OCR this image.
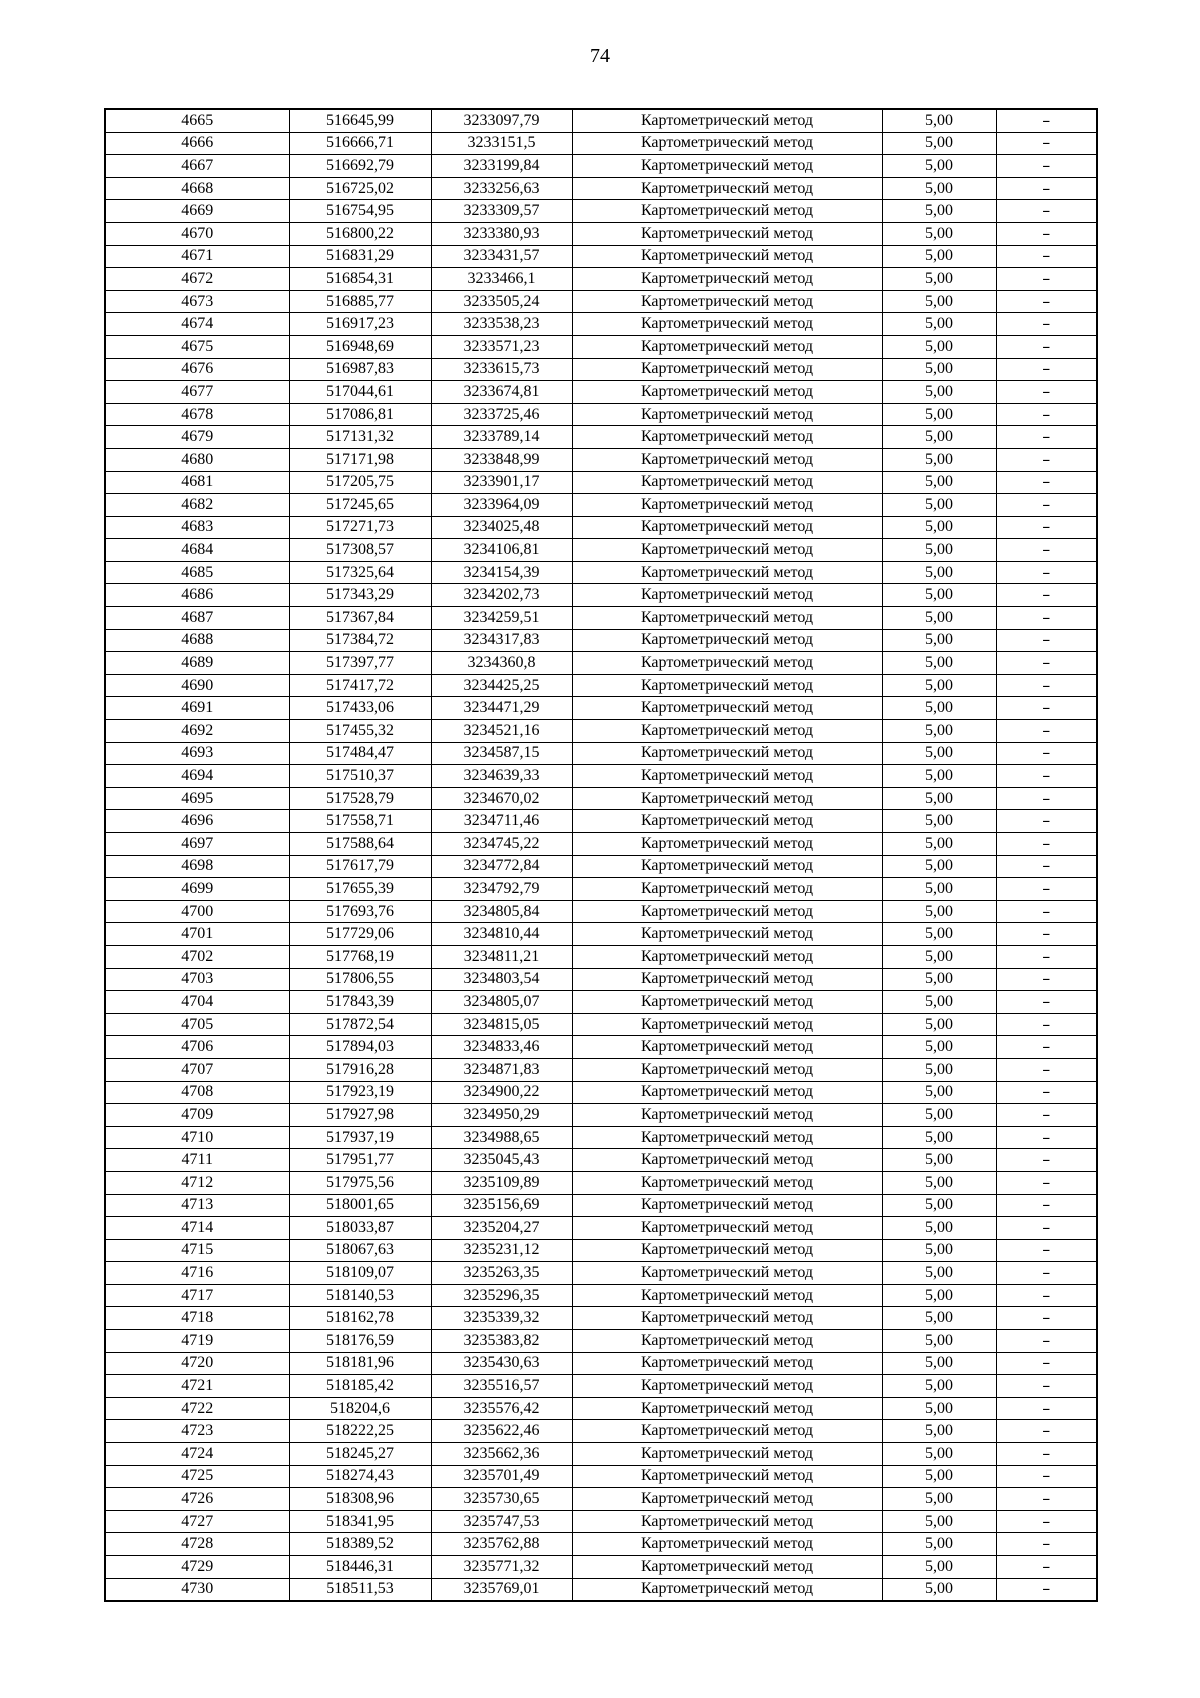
74
4665	516645,99	3233097,79	Картометрический метод	5,00	–
4666	516666,71	3233151,5	Картометрический метод	5,00	–
4667	516692,79	3233199,84	Картометрический метод	5,00	–
4668	516725,02	3233256,63	Картометрический метод	5,00	–
4669	516754,95	3233309,57	Картометрический метод	5,00	–
4670	516800,22	3233380,93	Картометрический метод	5,00	–
4671	516831,29	3233431,57	Картометрический метод	5,00	–
4672	516854,31	3233466,1	Картометрический метод	5,00	–
4673	516885,77	3233505,24	Картометрический метод	5,00	–
4674	516917,23	3233538,23	Картометрический метод	5,00	–
4675	516948,69	3233571,23	Картометрический метод	5,00	–
4676	516987,83	3233615,73	Картометрический метод	5,00	–
4677	517044,61	3233674,81	Картометрический метод	5,00	–
4678	517086,81	3233725,46	Картометрический метод	5,00	–
4679	517131,32	3233789,14	Картометрический метод	5,00	–
4680	517171,98	3233848,99	Картометрический метод	5,00	–
4681	517205,75	3233901,17	Картометрический метод	5,00	–
4682	517245,65	3233964,09	Картометрический метод	5,00	–
4683	517271,73	3234025,48	Картометрический метод	5,00	–
4684	517308,57	3234106,81	Картометрический метод	5,00	–
4685	517325,64	3234154,39	Картометрический метод	5,00	–
4686	517343,29	3234202,73	Картометрический метод	5,00	–
4687	517367,84	3234259,51	Картометрический метод	5,00	–
4688	517384,72	3234317,83	Картометрический метод	5,00	–
4689	517397,77	3234360,8	Картометрический метод	5,00	–
4690	517417,72	3234425,25	Картометрический метод	5,00	–
4691	517433,06	3234471,29	Картометрический метод	5,00	–
4692	517455,32	3234521,16	Картометрический метод	5,00	–
4693	517484,47	3234587,15	Картометрический метод	5,00	–
4694	517510,37	3234639,33	Картометрический метод	5,00	–
4695	517528,79	3234670,02	Картометрический метод	5,00	–
4696	517558,71	3234711,46	Картометрический метод	5,00	–
4697	517588,64	3234745,22	Картометрический метод	5,00	–
4698	517617,79	3234772,84	Картометрический метод	5,00	–
4699	517655,39	3234792,79	Картометрический метод	5,00	–
4700	517693,76	3234805,84	Картометрический метод	5,00	–
4701	517729,06	3234810,44	Картометрический метод	5,00	–
4702	517768,19	3234811,21	Картометрический метод	5,00	–
4703	517806,55	3234803,54	Картометрический метод	5,00	–
4704	517843,39	3234805,07	Картометрический метод	5,00	–
4705	517872,54	3234815,05	Картометрический метод	5,00	–
4706	517894,03	3234833,46	Картометрический метод	5,00	–
4707	517916,28	3234871,83	Картометрический метод	5,00	–
4708	517923,19	3234900,22	Картометрический метод	5,00	–
4709	517927,98	3234950,29	Картометрический метод	5,00	–
4710	517937,19	3234988,65	Картометрический метод	5,00	–
4711	517951,77	3235045,43	Картометрический метод	5,00	–
4712	517975,56	3235109,89	Картометрический метод	5,00	–
4713	518001,65	3235156,69	Картометрический метод	5,00	–
4714	518033,87	3235204,27	Картометрический метод	5,00	–
4715	518067,63	3235231,12	Картометрический метод	5,00	–
4716	518109,07	3235263,35	Картометрический метод	5,00	–
4717	518140,53	3235296,35	Картометрический метод	5,00	–
4718	518162,78	3235339,32	Картометрический метод	5,00	–
4719	518176,59	3235383,82	Картометрический метод	5,00	–
4720	518181,96	3235430,63	Картометрический метод	5,00	–
4721	518185,42	3235516,57	Картометрический метод	5,00	–
4722	518204,6	3235576,42	Картометрический метод	5,00	–
4723	518222,25	3235622,46	Картометрический метод	5,00	–
4724	518245,27	3235662,36	Картометрический метод	5,00	–
4725	518274,43	3235701,49	Картометрический метод	5,00	–
4726	518308,96	3235730,65	Картометрический метод	5,00	–
4727	518341,95	3235747,53	Картометрический метод	5,00	–
4728	518389,52	3235762,88	Картометрический метод	5,00	–
4729	518446,31	3235771,32	Картометрический метод	5,00	–
4730	518511,53	3235769,01	Картометрический метод	5,00	–
